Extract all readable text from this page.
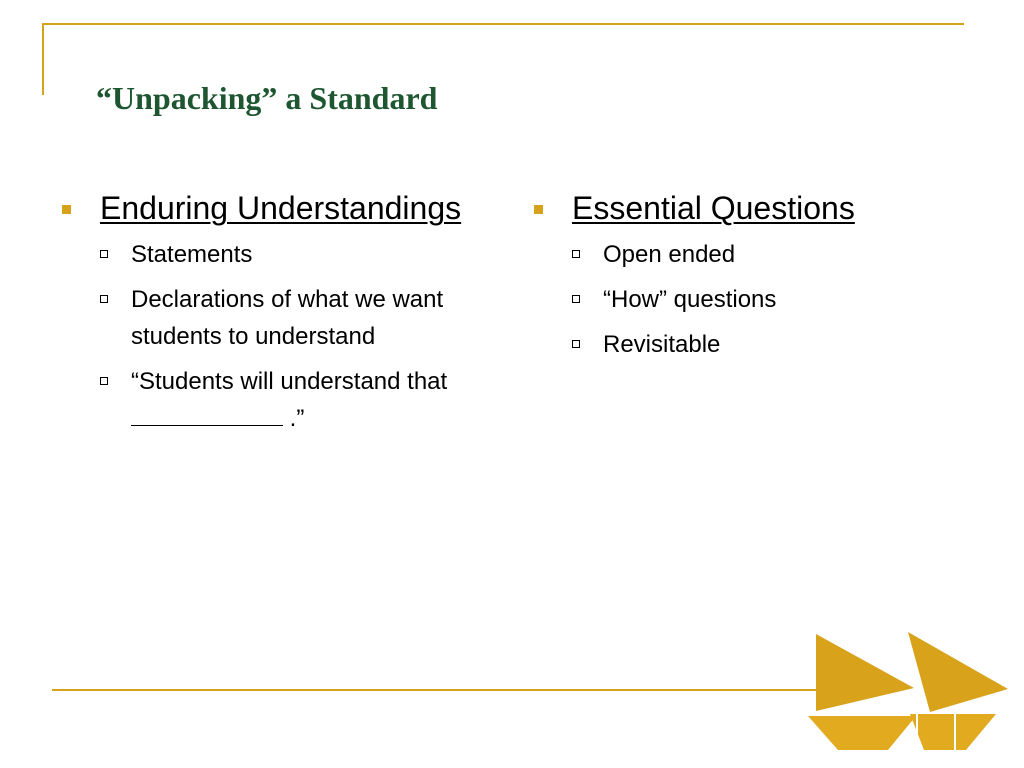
“Unpacking” a Standard
Enduring Understandings
Statements
Declarations of what we want students to understand
“Students will understand that  .”
Essential Questions
Open ended
“How” questions
Revisitable
